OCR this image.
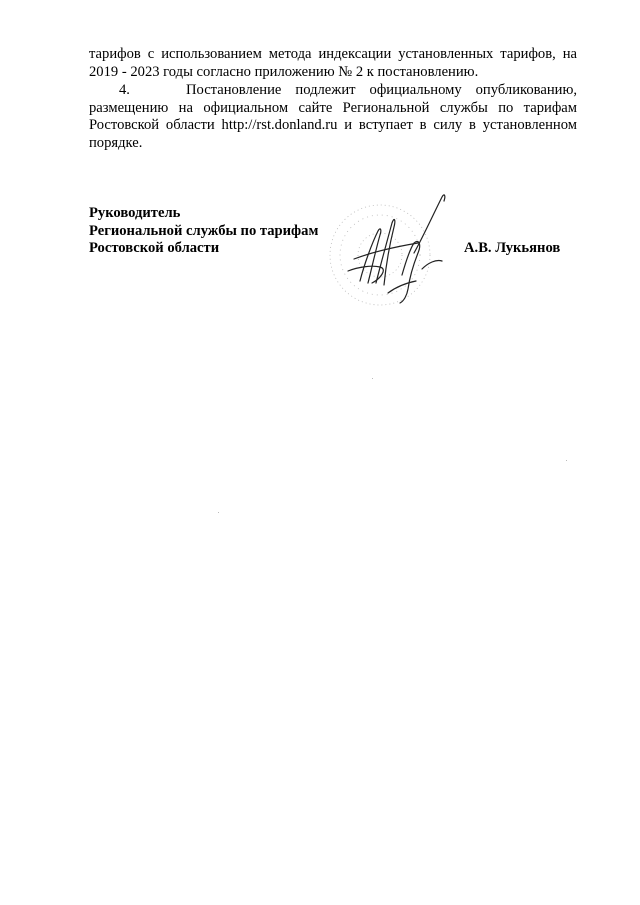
тарифов с использованием метода индексации установленных тарифов, на 2019 - 2023 годы согласно приложению № 2 к постановлению.

4.    Постановление подлежит официальному опубликованию, размещению на официальном сайте Региональной службы по тарифам Ростовской области http://rst.donland.ru и вступает в силу в установленном порядке.

Руководитель
Региональной службы по тарифам
Ростовской области	А.В. Лукьянов
